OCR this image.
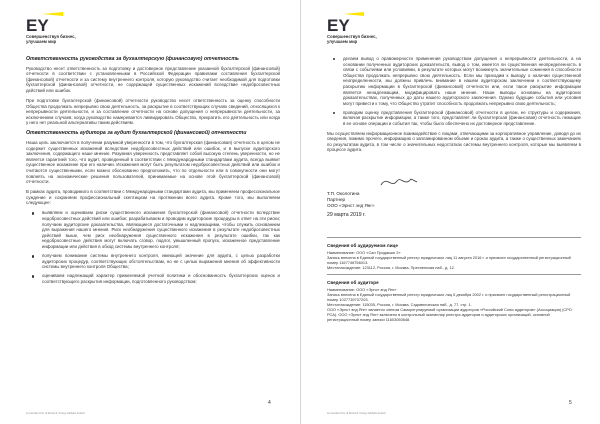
EY
Совершенствуя бизнес, улучшаем мир
Ответственность руководства за бухгалтерскую (финансовую) отчетность
Руководство несет ответственность за подготовку и достоверное представление указанной бухгалтерской (финансовой) отчетности в соответствии с установленными в Российской Федерации правилами составления бухгалтерской (финансовой) отчетности и за систему внутреннего контроля, которую руководство считает необходимой для подготовки бухгалтерской (финансовой) отчетности, не содержащей существенных искажений вследствие недобросовестных действий или ошибок.
При подготовке бухгалтерской (финансовой) отчетности руководство несет ответственность за оценку способности Общества продолжать непрерывно свою деятельность, за раскрытие в соответствующих случаях сведений, относящихся к непрерывности деятельности, и за составление отчетности на основе допущения о непрерывности деятельности, за исключением случаев, когда руководство намеревается ликвидировать Общество, прекратить его деятельность или когда у него нет реальной альтернативы таким действиям.
Ответственность аудитора за аудит бухгалтерской (финансовой) отчетности
Наша цель заключается в получении разумной уверенности в том, что бухгалтерская (финансовая) отчетность в целом не содержит существенных искажений вследствие недобросовестных действий или ошибок, и в выпуске аудиторского заключения, содержащего наше мнение. Разумная уверенность представляет собой высокую степень уверенности, но не является гарантией того, что аудит, проведенный в соответствии с Международными стандартами аудита, всегда выявит существенное искажение при его наличии. Искажения могут быть результатом недобросовестных действий или ошибок и считаются существенными, если можно обоснованно предположить, что по отдельности или в совокупности они могут повлиять на экономические решения пользователей, принимаемые на основе этой бухгалтерской (финансовой) отчетности.
В рамках аудита, проводимого в соответствии с Международными стандартами аудита, мы применяем профессиональное суждение и сохраняем профессиональный скептицизм на протяжении всего аудита. Кроме того, мы выполняем следующее:
выявляем и оцениваем риски существенного искажения бухгалтерской (финансовой) отчетности вследствие недобросовестных действий или ошибок; разрабатываем и проводим аудиторские процедуры в ответ на эти риски; получаем аудиторские доказательства, являющиеся достаточными и надлежащими, чтобы служить основанием для выражения нашего мнения. Риск необнаружения существенного искажения в результате недобросовестных действий выше, чем риск необнаружения существенного искажения в результате ошибки, так как недобросовестные действия могут включать сговор, подлог, умышленный пропуск, искаженное представление информации или действия в обход системы внутреннего контроля;
получаем понимание системы внутреннего контроля, имеющей значение для аудита, с целью разработки аудиторских процедур, соответствующих обстоятельствам, но не с целью выражения мнения об эффективности системы внутреннего контроля Общества;
оцениваем надлежащий характер применяемой учетной политики и обоснованность бухгалтерских оценок и соответствующего раскрытия информации, подготовленного руководством;
4
A member firm of Ernst & Young Global Limited
EY
Совершенствуя бизнес, улучшаем мир
делаем вывод о правомерности применения руководством допущения о непрерывности деятельности, а на основании полученных аудиторских доказательств, вывод о том, имеется ли существенная неопределенность в связи с событиями или условиями, в результате которых могут возникнуть значительные сомнения в способности Общества продолжать непрерывно свою деятельность. Если мы приходим к выводу о наличии существенной неопределенности, мы должны привлечь внимание в нашем аудиторском заключении к соответствующему раскрытию информации в бухгалтерской (финансовой) отчетности или, если такое раскрытие информации является ненадлежащим, модифицировать наше мнение. Наши выводы основаны на аудиторских доказательствах, полученных до даты нашего аудиторского заключения. Однако будущие события или условия могут привести к тому, что Общество утратит способность продолжать непрерывно свою деятельность;
проводим оценку представления бухгалтерской (финансовой) отчетности в целом, ее структуры и содержания, включая раскрытие информации, а также того, представляет ли бухгалтерская (финансовая) отчетность лежащие в ее основе операции и события так, чтобы было обеспечено их достоверное представление.
Мы осуществляем информационное взаимодействие с лицами, отвечающими за корпоративное управление, доводя до их сведения, помимо прочего, информацию о запланированном объеме и сроках аудита, а также о существенных замечаниях по результатам аудита, в том числе о значительных недостатках системы внутреннего контроля, которые мы выявляем в процессе аудита.
Т.П. Околотина
Партнер
ООО «Эрнст энд Янг»
29 марта 2019 г.
Сведения об аудируемом лице

Наименование: ООО «Сан Продакшн 2»

Запись внесена в Единый государственный реестр юридических лиц 11 августа 2016 г. и присвоен государственный регистрационный номер 1167746756013.

Местонахождение: 123112, Россия, г. Москва, Пресненская наб., д. 12.

Сведения об аудиторе

Наименование: ООО «Эрнст энд Янг»

Запись внесена в Единый государственный реестр юридических лиц 5 декабря 2002 г. и присвоен государственный регистрационный номер 1027739707203.

Местонахождение: 115035, Россия, г. Москва, Садовническая наб., д. 77, стр. 1.

ООО «Эрнст энд Янг» является членом Саморегулируемой организации аудиторов «Российский Союз аудиторов» (Ассоциация) (СРО РСА). ООО «Эрнст энд Янг» включено в контрольный экземпляр реестра аудиторов и аудиторских организаций, основной регистрационный номер записи 11603050648.

5
A member firm of Ernst & Young Global Limited
